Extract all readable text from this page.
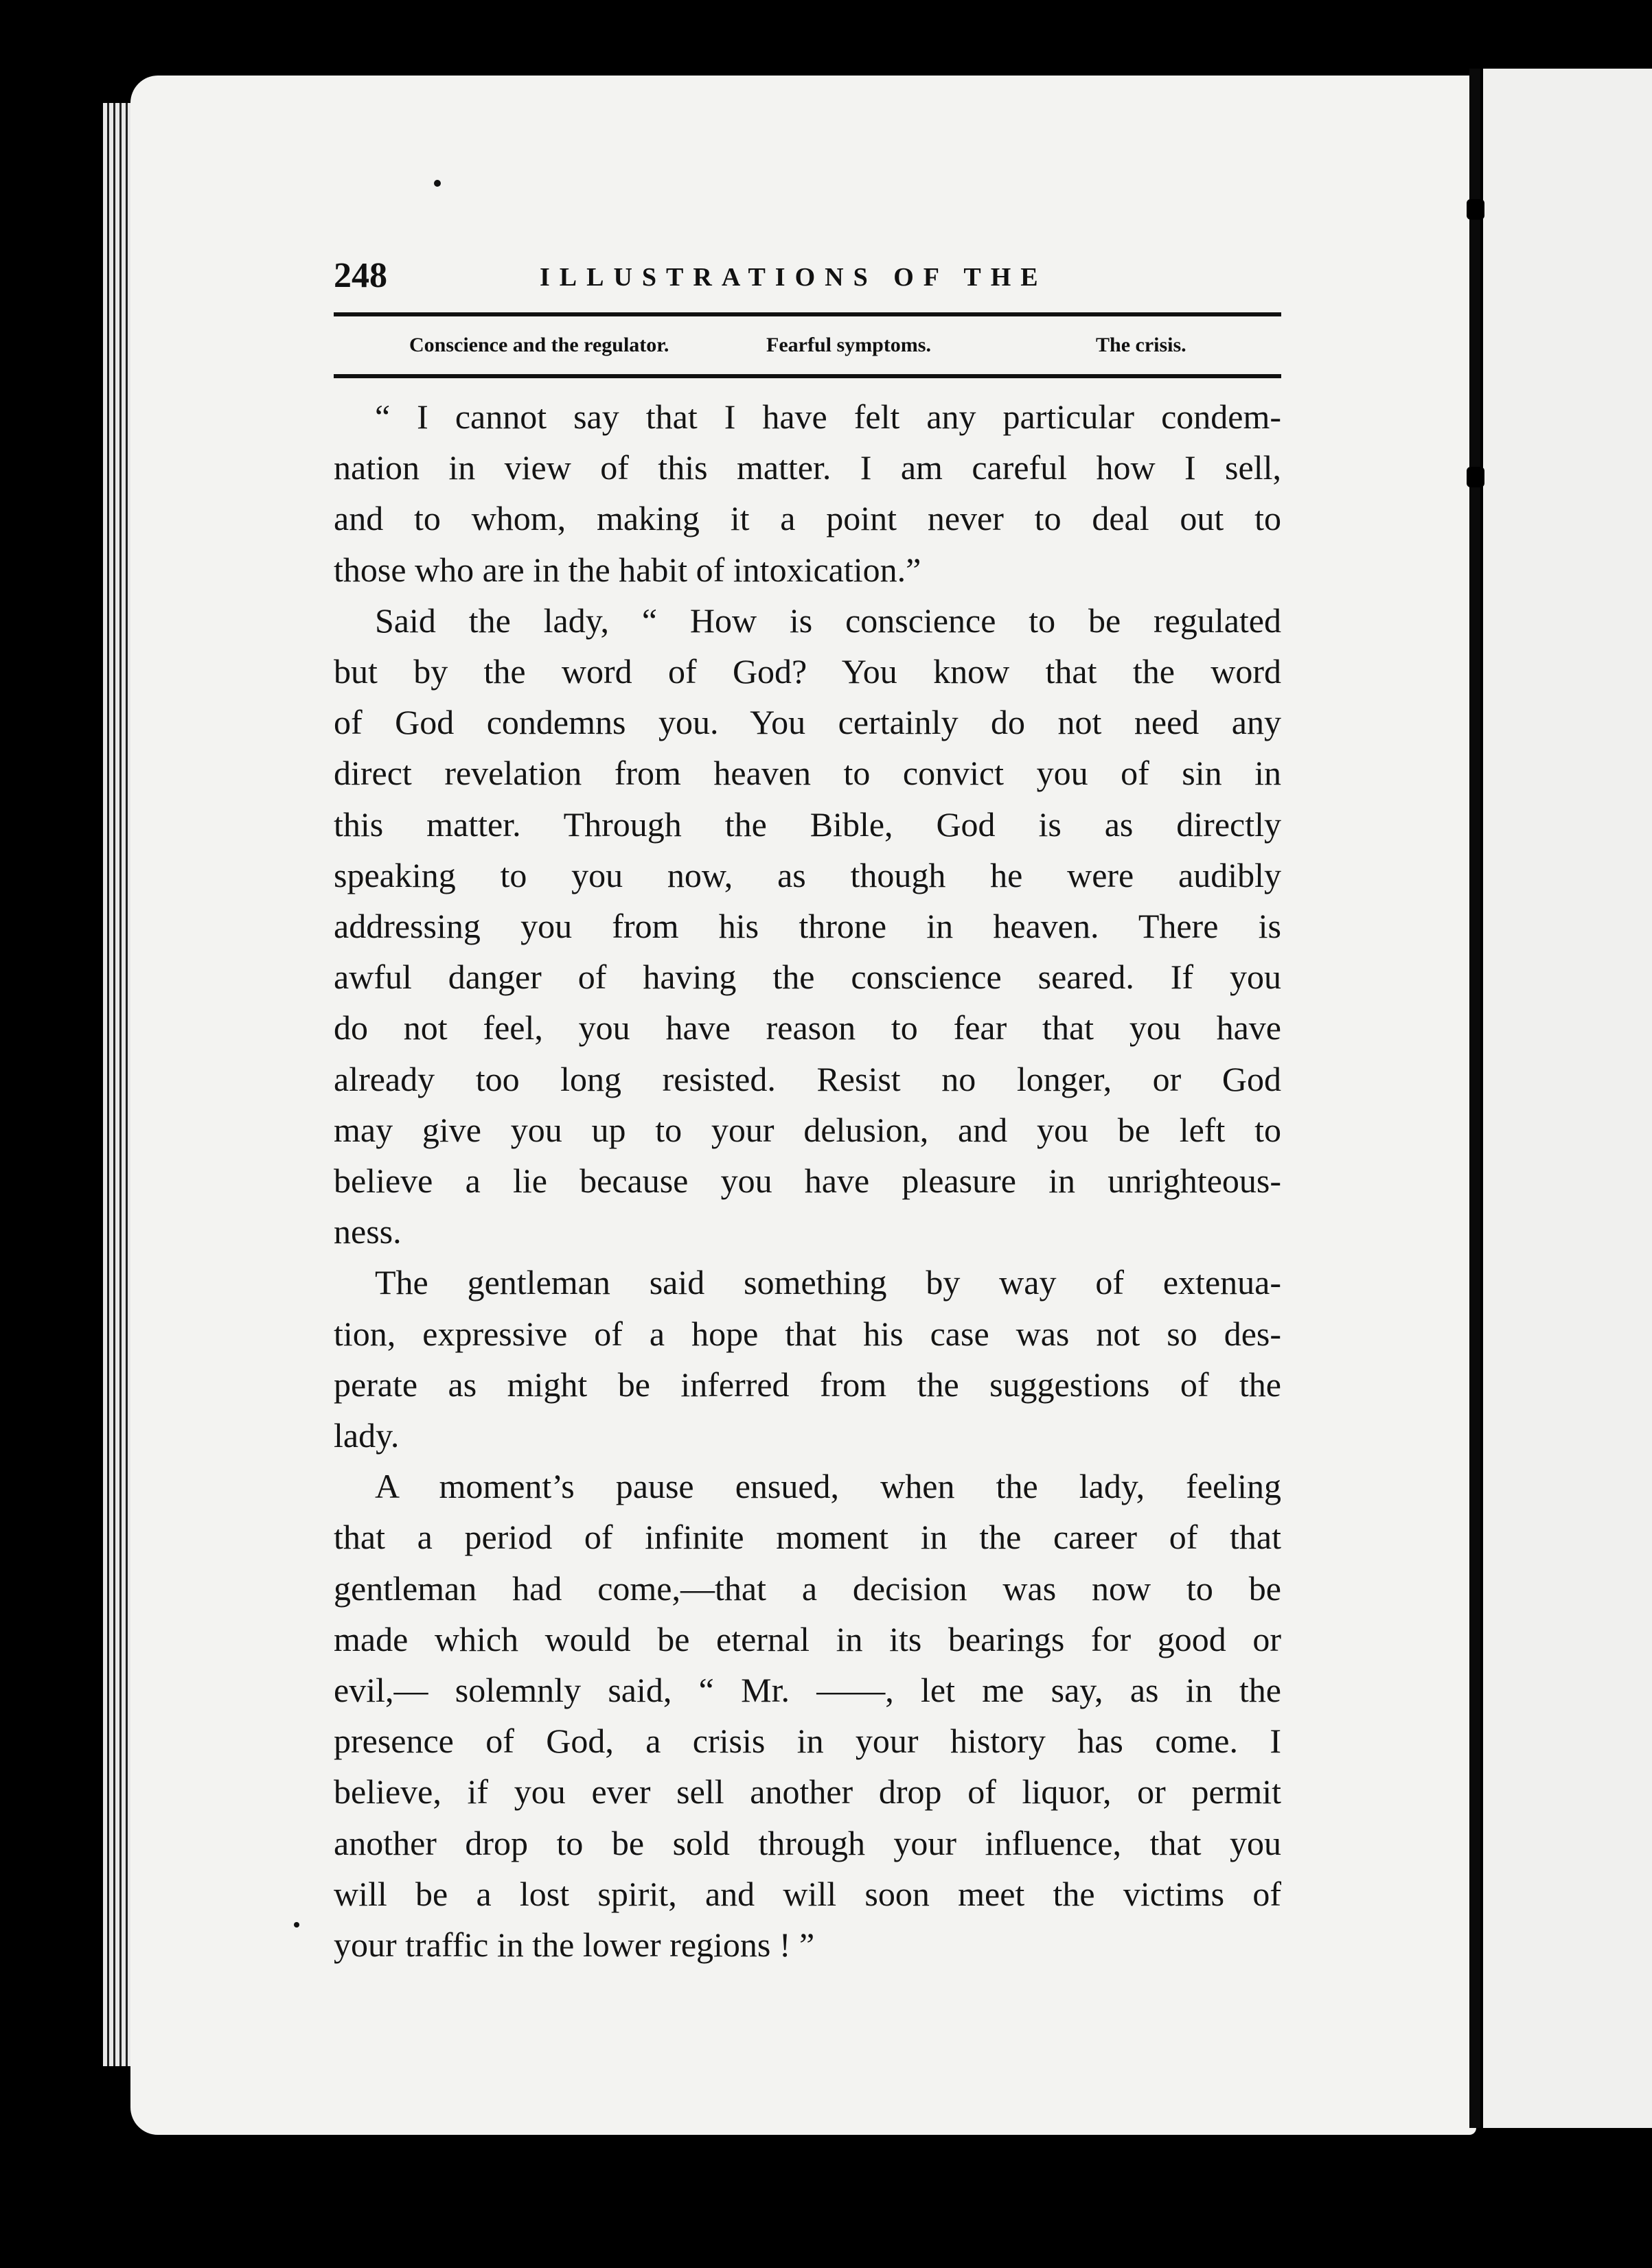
248	ILLUSTRATIONS OF THE
Conscience and the regulator.	Fearful symptoms.	The crisis.
“ I cannot say that I have felt any particular condem-
nation in view of this matter. I am careful how I sell,
and to whom, making it a point never to deal out to
those who are in the habit of intoxication.”
Said the lady, “ How is conscience to be regulated
but by the word of God? You know that the word
of God condemns you. You certainly do not need any
direct revelation from heaven to convict you of sin in
this matter. Through the Bible, God is as directly
speaking to you now, as though he were audibly
addressing you from his throne in heaven. There is
awful danger of having the conscience seared. If you
do not feel, you have reason to fear that you have
already too long resisted. Resist no longer, or God
may give you up to your delusion, and you be left to
believe a lie because you have pleasure in unrighteous-
ness.
The gentleman said something by way of extenua-
tion, expressive of a hope that his case was not so des-
perate as might be inferred from the suggestions of the
lady.
A moment’s pause ensued, when the lady, feeling
that a period of infinite moment in the career of that
gentleman had come,—that a decision was now to be
made which would be eternal in its bearings for good or
evil,— solemnly said, “ Mr. ——, let me say, as in the
presence of God, a crisis in your history has come. I
believe, if you ever sell another drop of liquor, or permit
another drop to be sold through your influence, that you
will be a lost spirit, and will soon meet the victims of
your traffic in the lower regions ! ”
